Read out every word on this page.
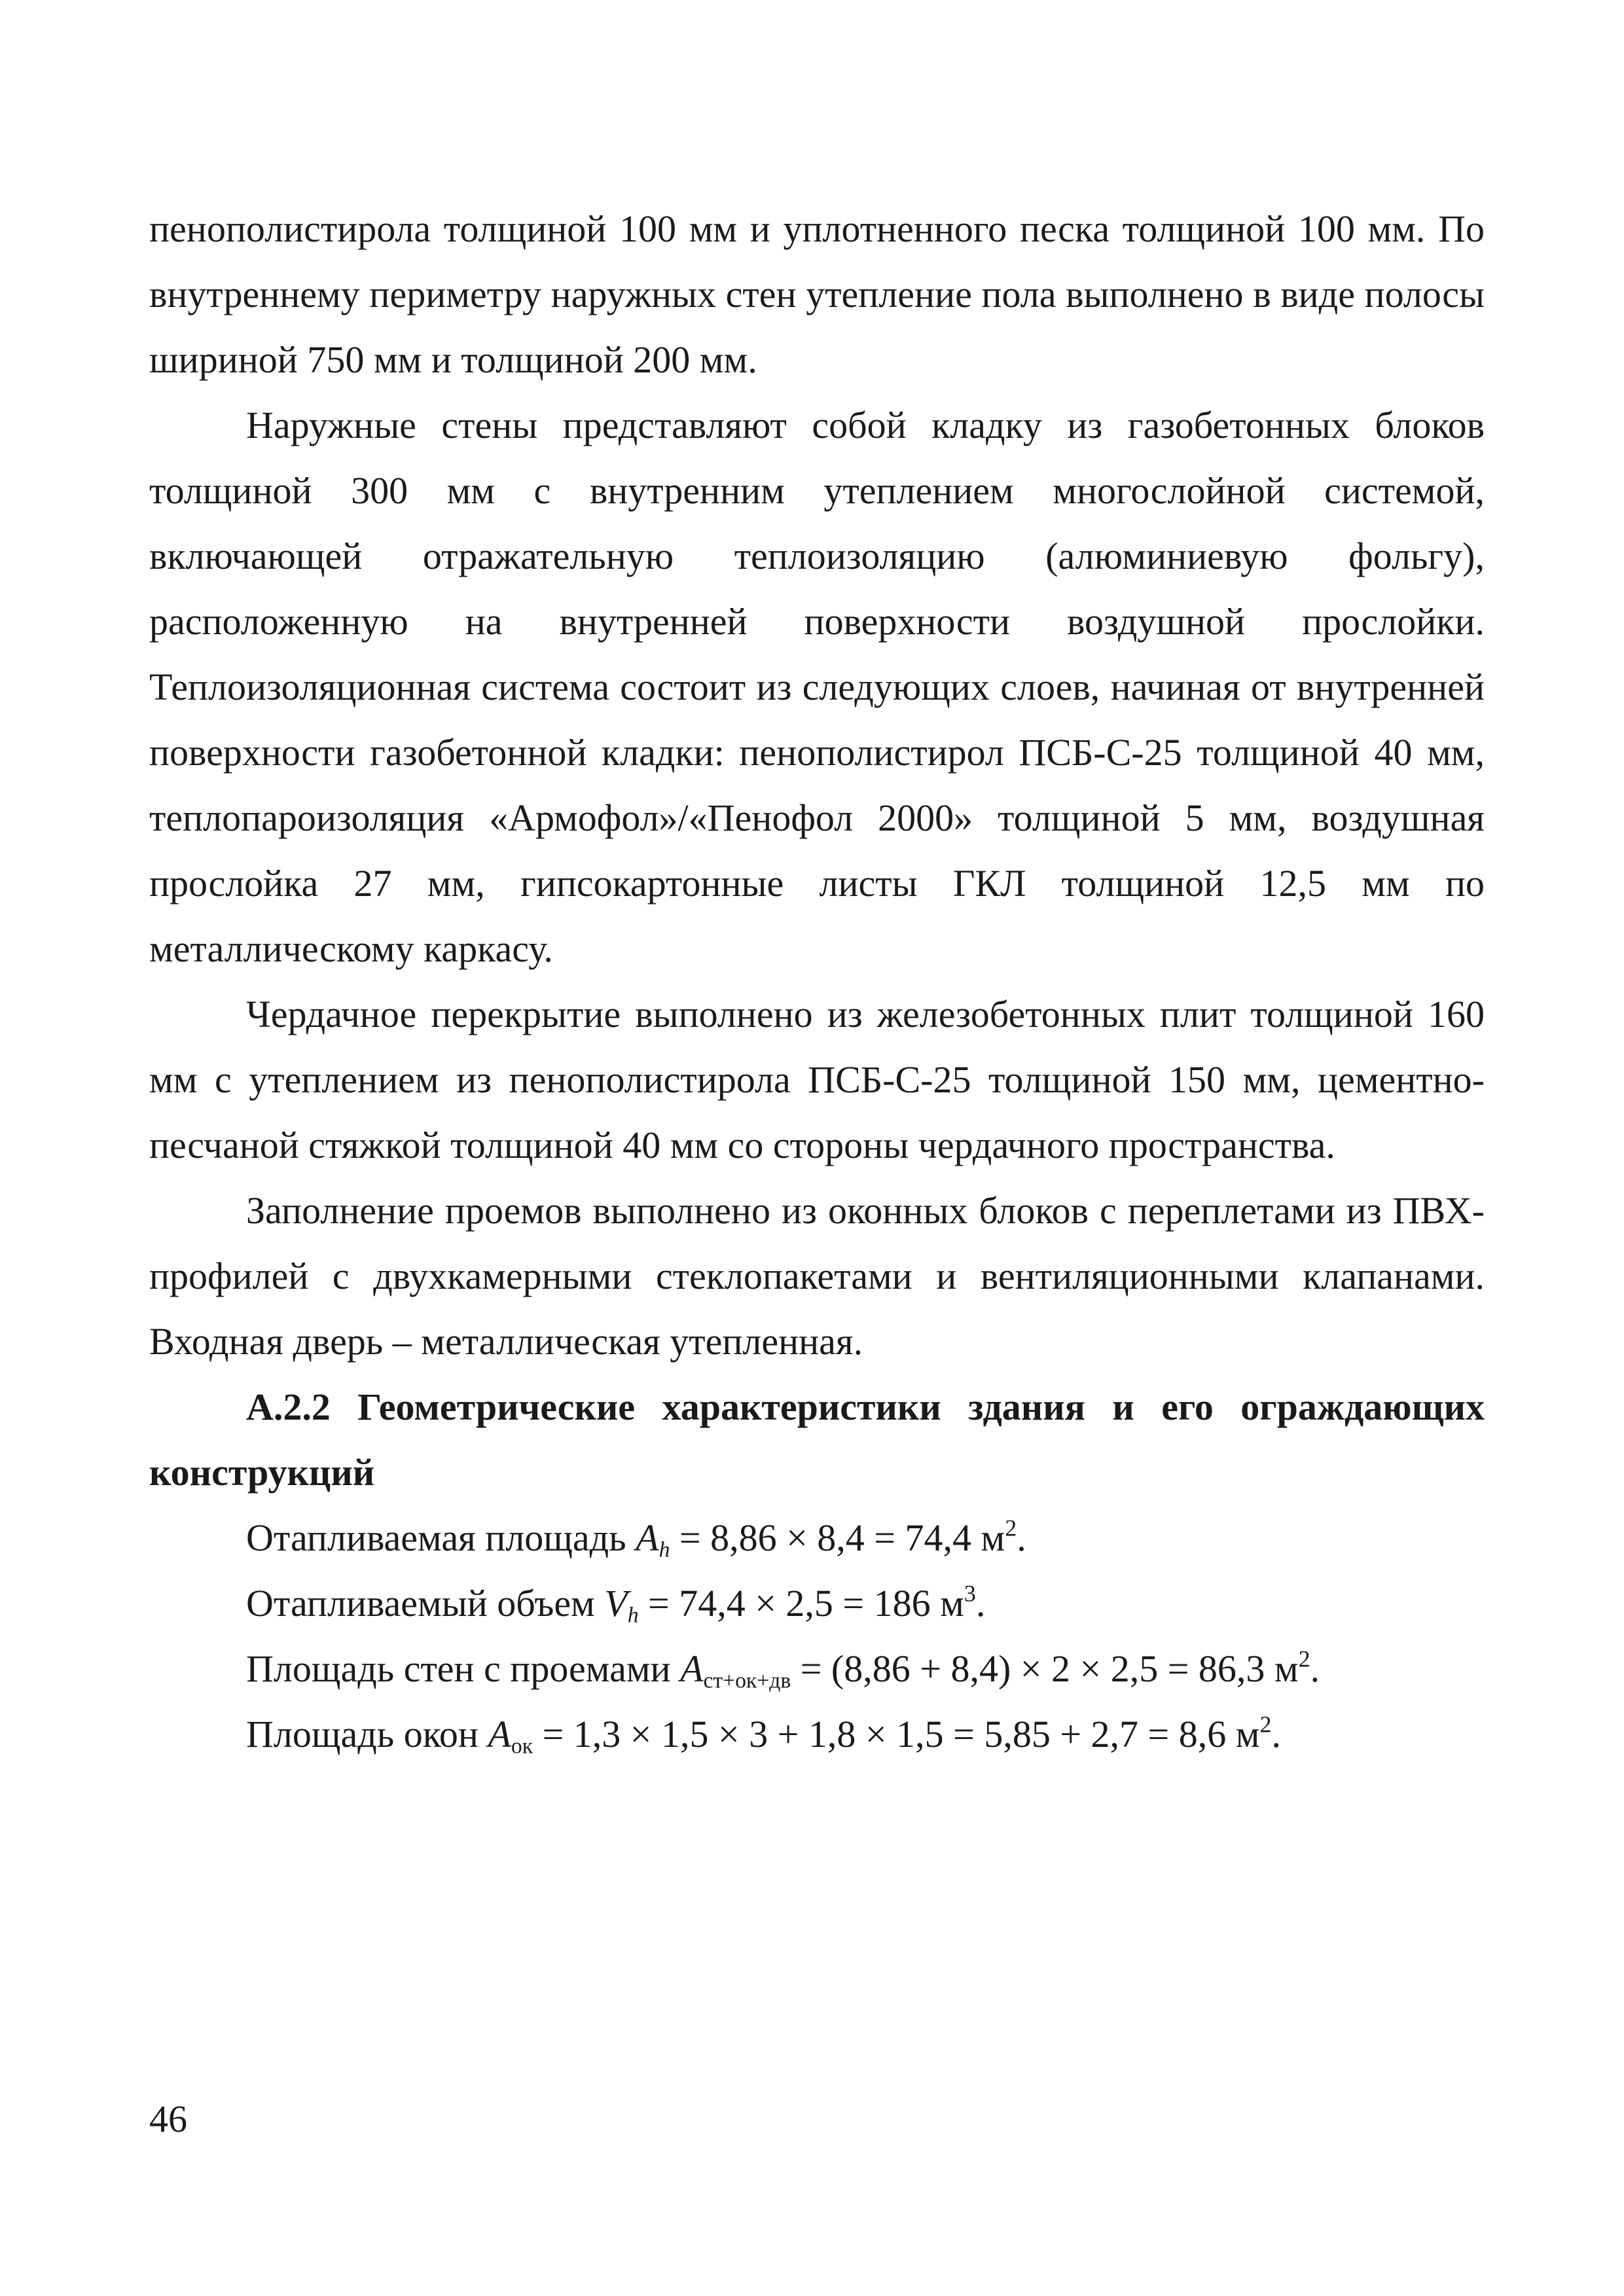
пенополистирола толщиной 100 мм и уплотненного песка толщиной 100 мм. По внутреннему периметру наружных стен утепление пола выполнено в виде полосы шириной 750 мм и толщиной 200 мм.

Наружные стены представляют собой кладку из газобетонных блоков толщиной 300 мм с внутренним утеплением многослойной системой, включающей отражательную теплоизоляцию (алюминиевую фольгу), расположенную на внутренней поверхности воздушной прослойки. Теплоизоляционная система состоит из следующих слоев, начиная от внутренней поверхности газобетонной кладки: пенополистирол ПСБ-С-25 толщиной 40 мм, теплопароизоляция «Армофол»/«Пенофол 2000» толщиной 5 мм, воздушная прослойка 27 мм, гипсокартонные листы ГКЛ толщиной 12,5 мм по металлическому каркасу.

Чердачное перекрытие выполнено из железобетонных плит толщиной 160 мм с утеплением из пенополистирола ПСБ-С-25 толщиной 150 мм, цементно-песчаной стяжкой толщиной 40 мм со стороны чердачного пространства.

Заполнение проемов выполнено из оконных блоков с переплетами из ПВХ-профилей с двухкамерными стеклопакетами и вентиляционными клапанами. Входная дверь – металлическая утепленная.

А.2.2 Геометрические характеристики здания и его ограждающих конструкций

Отапливаемая площадь $A_h = 8,86 \times 8,4 = 74,4$ $м^2$.

Отапливаемый объем $V_h = 74,4 \times 2,5 = 186$ $м^3$.

Площадь стен с проемами $A_{ст+ок+дв} = (8,86 + 8,4) \times 2 \times 2,5 = 86,3$ $м^2$.

Площадь окон $A_{ок} = 1,3 \times 1,5 \times 3 + 1,8 \times 1,5 = 5,85 + 2,7 = 8,6$ $м^2$.

46
